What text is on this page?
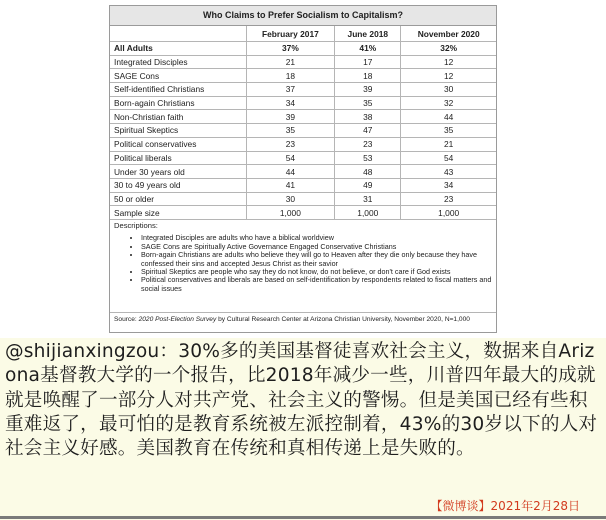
Who Claims to Prefer Socialism to Capitalism?
	February 2017	June 2018	November 2020
All Adults	37%	41%	32%
Integrated Disciples	21	17	12
SAGE Cons	18	18	12
Self-identified Christians	37	39	30
Born-again Christians	34	35	32
Non-Christian faith	39	38	44
Spiritual Skeptics	35	47	35
Political conservatives	23	23	21
Political liberals	54	53	54
Under 30 years old	44	48	43
30 to 49 years old	41	49	34
50 or older	30	31	23
Sample size	1,000	1,000	1,000
Descriptions:
• Integrated Disciples are adults who have a biblical worldview
• SAGE Cons are Spiritually Active Governance Engaged Conservative Christians
• Born-again Christians are adults who believe they will go to Heaven after they die only because they have confessed their sins and accepted Jesus Christ as their savior
• Spiritual Skeptics are people who say they do not know, do not believe, or don't care if God exists
• Political conservatives and liberals are based on self-identification by respondents related to fiscal matters and social issues
Source: 2020 Post-Election Survey by Cultural Research Center at Arizona Christian University, November 2020, N=1,000
@shijianxingzou：30%多的美国基督徒喜欢社会主义，数据来自Arizona基督教大学的一个报告，比2018年减少一些，川普四年最大的成就就是唤醒了一部分人对共产党、社会主义的警惕。但是美国已经有些积重难返了，最可怕的是教育系统被左派控制着，43%的30岁以下的人对社会主义好感。美国教育在传统和真相传递上是失败的。
【微博谈】2021年2月28日
